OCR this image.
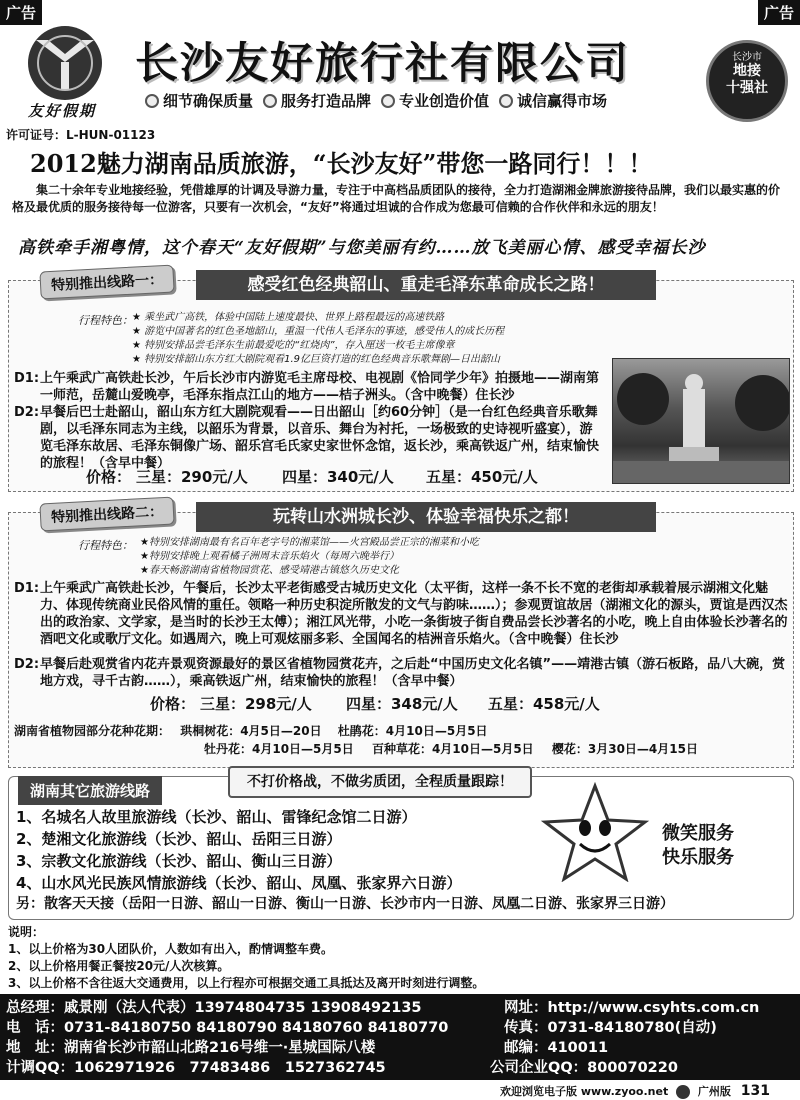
广告	广告
友好假期
许可证号：L-HUN-01123
长沙友好旅行社有限公司
细节确保质量 服务打造品牌 专业创造价值 诚信赢得市场
长沙市
地接
十强社
2012魅力湖南品质旅游，“长沙友好”带您一路同行！！！
集二十余年专业地接经验，凭借雄厚的计调及导游力量，专注于中高档品质团队的接待，全力打造湖湘金牌旅游接待品牌，我们以最实惠的价格及最优质的服务接待每一位游客，只要有一次机会，“友好”将通过坦诚的合作成为您最可信赖的合作伙伴和永远的朋友！
高铁牵手湘粤情，这个春天“友好假期”与您美丽有约……放飞美丽心情、感受幸福长沙
特别推出线路一：	感受红色经典韶山、重走毛泽东革命成长之路！
行程特色： ★ 乘坐武广高铁，体验中国陆上速度最快、世界上路程最远的高速铁路
★ 游览中国著名的红色圣地韶山，重温一代伟人毛泽东的事迹，感受伟人的成长历程
★ 特别安排品尝毛泽东生前最爱吃的“红烧肉”，存入厘送一枚毛主席像章
★ 特别安排韶山东方红大剧院观看1.9亿巨资打造的红色经典音乐歌舞剧—日出韶山
D1: 上午乘武广高铁赴长沙，午后长沙市内游览毛主席母校、电视剧《恰同学少年》拍摄地——湖南第一师范，岳麓山爱晚亭，毛泽东指点江山的地方——桔子洲头。（含中晚餐）住长沙
D2: 早餐后巴士赴韶山，韶山东方红大剧院观看——日出韶山［约60分钟］（是一台红色经典音乐歌舞剧，以毛泽东同志为主线，以韶乐为背景，以音乐、舞台为衬托，一场极致的史诗视听盛宴），游览毛泽东故居、毛泽东铜像广场、韶乐宫毛氏家史家世怀念馆，返长沙，乘高铁返广州，结束愉快的旅程！（含早中餐）
价格： 三星：290元/人 四星：340元/人 五星：450元/人
特别推出线路二：	玩转山水洲城长沙、体验幸福快乐之都！
行程特色： ★特别安排湖南最有名百年老字号的湘菜馆——火宫殿品尝正宗的湘菜和小吃
★特别安排晚上观看橘子洲周末音乐焰火（每周六晚举行）
★春天畅游湖南省植物园赏花、感受靖港古镇悠久历史文化
D1: 上午乘武广高铁赴长沙，午餐后，长沙太平老街感受古城历史文化（太平街，这样一条不长不宽的老街却承载着展示湖湘文化魅力、体现传统商业民俗风情的重任。领略一种历史积淀所散发的文气与韵味……）；参观贾谊故居（湖湘文化的源头，贾谊是西汉杰出的政治家、文学家，是当时的长沙王太傅）；湘江风光带，小吃一条街坡子街自费品尝长沙著名的小吃，晚上自由体验长沙著名的酒吧文化或歌厅文化。如遇周六，晚上可观炫丽多彩、全国闻名的桔洲音乐焰火。（含中晚餐）住长沙
D2: 早餐后赴观赏省内花卉景观资源最好的景区省植物园赏花卉，之后赴“中国历史文化名镇”——靖港古镇（游石板路，品八大碗，赏地方戏，寻千古韵……），乘高铁返广州，结束愉快的旅程！（含早中餐）
价格： 三星：298元/人 四星：348元/人 五星：458元/人
湖南省植物园部分花种花期： 珙桐树花：4月5日—20日 杜鹃花：4月10日—5月5日
牡丹花：4月10日—5月5日 百种草花：4月10日—5月5日 樱花：3月30日—4月15日
湖南其它旅游线路	不打价格战，不做劣质团，全程质量跟踪！
1、名城名人故里旅游线（长沙、韶山、雷锋纪念馆二日游）
2、楚湘文化旅游线（长沙、韶山、岳阳三日游）
3、宗教文化旅游线（长沙、韶山、衡山三日游）
4、山水风光民族风情旅游线（长沙、韶山、凤凰、张家界六日游）
微笑服务
快乐服务
另：散客天天接（岳阳一日游、韶山一日游、衡山一日游、长沙市内一日游、凤凰二日游、张家界三日游）
说明：
1、以上价格为30人团队价，人数如有出入，酌情调整车费。
2、以上价格用餐正餐按20元/人次核算。
3、以上价格不含往返大交通费用，以上行程亦可根据交通工具抵达及离开时刻进行调整。
总经理：戚景刚（法人代表）13974804735 13908492135	网址：http://www.csyhts.com.cn
电　话：0731-84180750 84180790 84180760 84180770	传真：0731-84180780(自动)
地　址：湖南省长沙市韶山北路216号维一·星城国际八楼	邮编：410011
计调QQ：1062971926　77483486　1527362745	公司企业QQ：800070220
欢迎浏览电子版 www.zyoo.net	广州版 131
